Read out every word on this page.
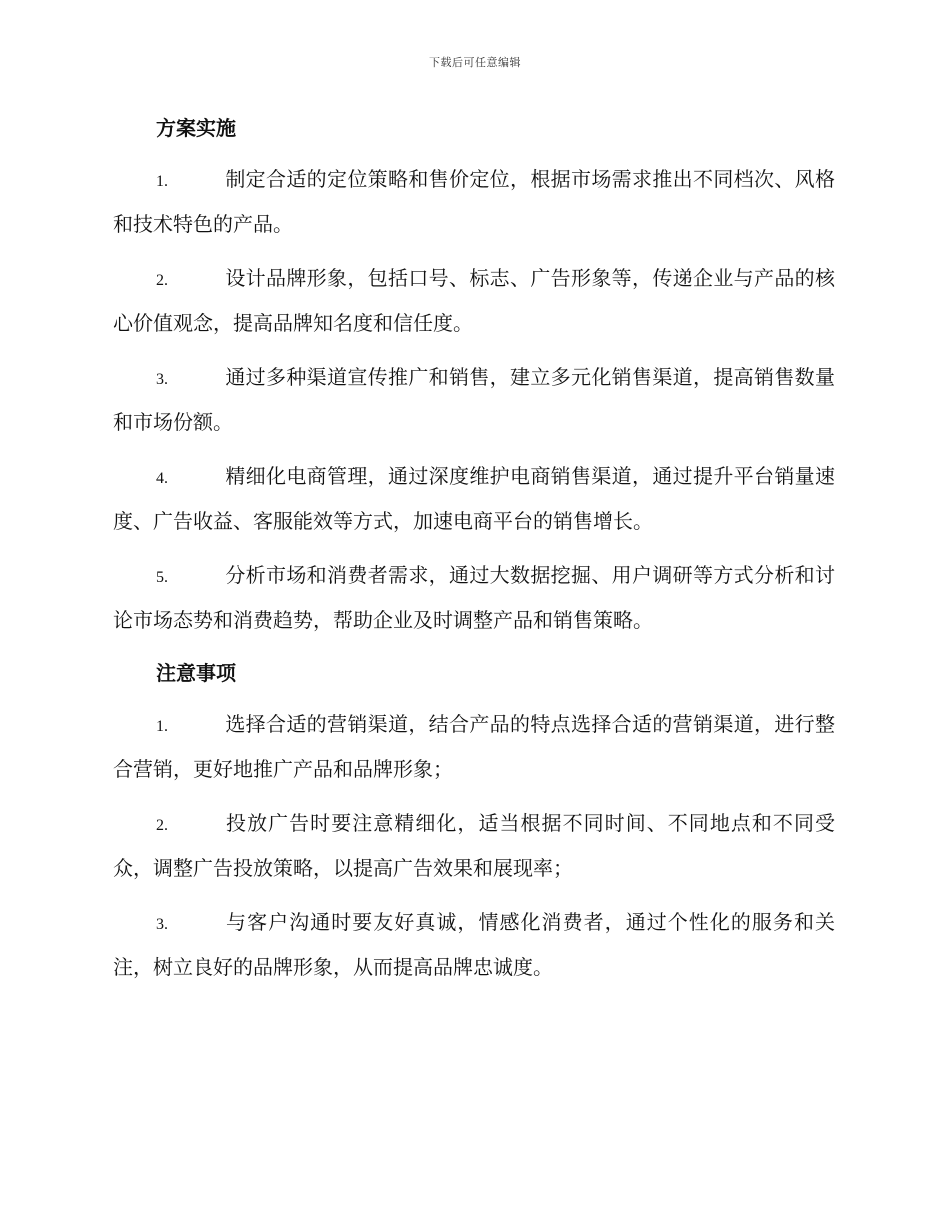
下载后可任意编辑
方案实施
1.	制定合适的定位策略和售价定位，根据市场需求推出不同档次、风格和技术特色的产品。
2.	设计品牌形象，包括口号、标志、广告形象等，传递企业与产品的核心价值观念，提高品牌知名度和信任度。
3.	通过多种渠道宣传推广和销售，建立多元化销售渠道，提高销售数量和市场份额。
4.	精细化电商管理，通过深度维护电商销售渠道，通过提升平台销量速度、广告收益、客服能效等方式，加速电商平台的销售增长。
5.	分析市场和消费者需求，通过大数据挖掘、用户调研等方式分析和讨论市场态势和消费趋势，帮助企业及时调整产品和销售策略。
注意事项
1.	选择合适的营销渠道，结合产品的特点选择合适的营销渠道，进行整合营销，更好地推广产品和品牌形象；
2.	投放广告时要注意精细化，适当根据不同时间、不同地点和不同受众，调整广告投放策略，以提高广告效果和展现率；
3.	与客户沟通时要友好真诚，情感化消费者，通过个性化的服务和关注，树立良好的品牌形象，从而提高品牌忠诚度。
